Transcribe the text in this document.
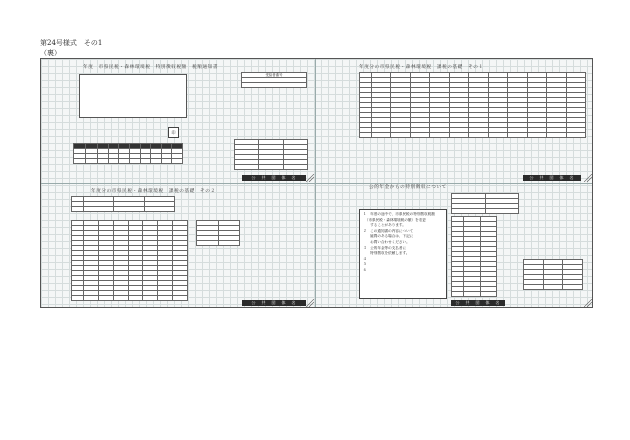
第24号様式　その1
（裏）
年度　市県民税・森林環境税　特別徴収税額　 税額通知書
受給者番号

印

公　共　団　体　名
年度分の市県民税・森林環境税　課税の基礎　 その２

公　共　団　体　名
年度分の市県民税・森林環境税　課税の基礎　 その１

公　共　団　体　名
公的年金からの特別徴収について

１　年度の途中で、市県民税の特別徴収税額

　（市県民税・森林環境税の額）を変更

　　することがあります。

２　この通知書の内容について

　　疑問のある場合は、下記に

　　お問い合わせください。

３　公的年金等の支払者に

　　特別徴収を依頼します。

４　　　

５　　　

６　　　

公　共　団　体　名
